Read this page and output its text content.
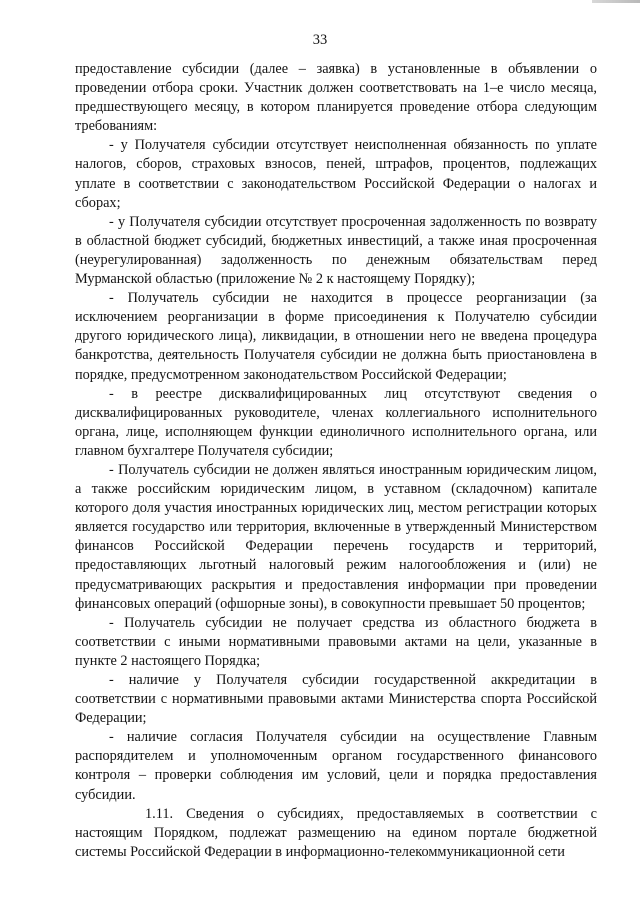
33

предоставление субсидии (далее – заявка) в установленные в объявлении о проведении отбора сроки. Участник должен соответствовать на 1–е число месяца, предшествующего месяцу, в котором планируется проведение отбора следующим требованиям:

- у Получателя субсидии отсутствует неисполненная обязанность по уплате налогов, сборов, страховых взносов, пеней, штрафов, процентов, подлежащих уплате в соответствии с законодательством Российской Федерации о налогах и сборах;

- у Получателя субсидии отсутствует просроченная задолженность по возврату в областной бюджет субсидий, бюджетных инвестиций, а также иная просроченная (неурегулированная) задолженность по денежным обязательствам перед Мурманской областью (приложение № 2 к настоящему Порядку);

- Получатель субсидии не находится в процессе реорганизации (за исключением реорганизации в форме присоединения к Получателю субсидии другого юридического лица), ликвидации, в отношении него не введена процедура банкротства, деятельность Получателя субсидии не должна быть приостановлена в порядке, предусмотренном законодательством Российской Федерации;

- в реестре дисквалифицированных лиц отсутствуют сведения о дисквалифицированных руководителе, членах коллегиального исполнительного органа, лице, исполняющем функции единоличного исполнительного органа, или главном бухгалтере Получателя субсидии;

- Получатель субсидии не должен являться иностранным юридическим лицом, а также российским юридическим лицом, в уставном (складочном) капитале которого доля участия иностранных юридических лиц, местом регистрации которых является государство или территория, включенные в утвержденный Министерством финансов Российской Федерации перечень государств и территорий, предоставляющих льготный налоговый режим налогообложения и (или) не предусматривающих раскрытия и предоставления информации при проведении финансовых операций (офшорные зоны), в совокупности превышает 50 процентов;

- Получатель субсидии не получает средства из областного бюджета в соответствии с иными нормативными правовыми актами на цели, указанные в пункте 2 настоящего Порядка;

- наличие у Получателя субсидии государственной аккредитации в соответствии с нормативными правовыми актами Министерства спорта Российской Федерации;

- наличие согласия Получателя субсидии на осуществление Главным распорядителем и уполномоченным органом государственного финансового контроля – проверки соблюдения им условий, цели и порядка предоставления субсидии.

1.11. Сведения о субсидиях, предоставляемых в соответствии с настоящим Порядком, подлежат размещению на едином портале бюджетной системы Российской Федерации в информационно-телекоммуникационной сети
